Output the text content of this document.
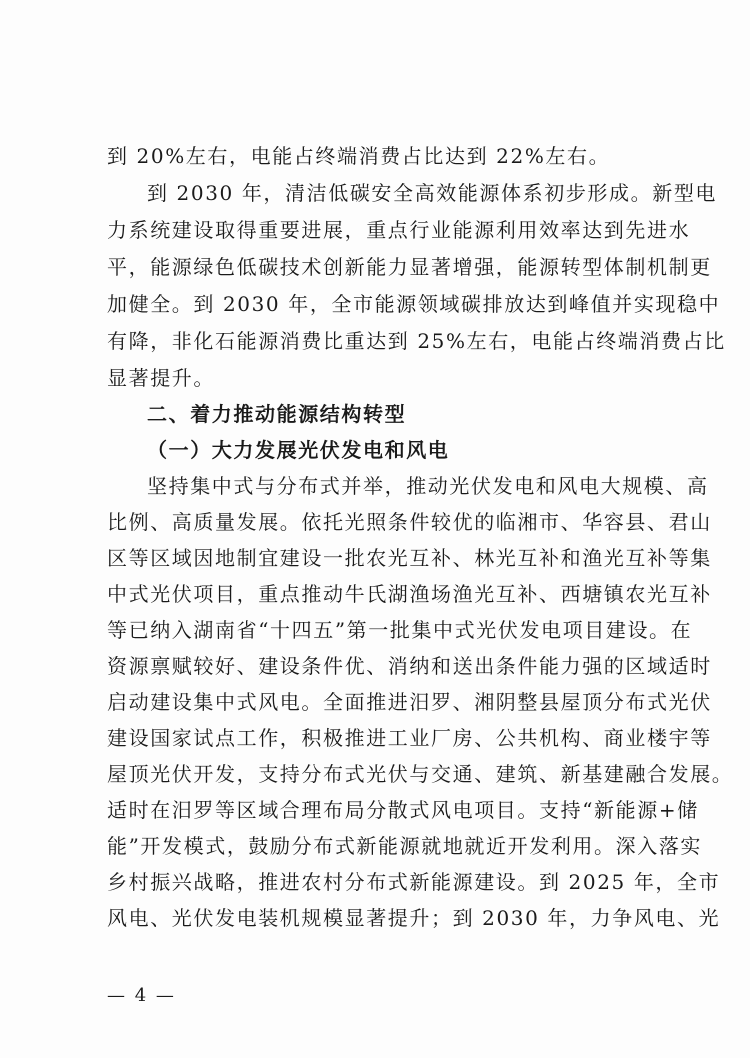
到 20%左右，电能占终端消费占比达到 22%左右。
到 2030 年，清洁低碳安全高效能源体系初步形成。新型电
力系统建设取得重要进展，重点行业能源利用效率达到先进水
平，能源绿色低碳技术创新能力显著增强，能源转型体制机制更
加健全。到 2030 年，全市能源领域碳排放达到峰值并实现稳中
有降，非化石能源消费比重达到 25%左右，电能占终端消费占比
显著提升。
二、着力推动能源结构转型
（一）大力发展光伏发电和风电
坚持集中式与分布式并举，推动光伏发电和风电大规模、高
比例、高质量发展。依托光照条件较优的临湘市、华容县、君山
区等区域因地制宜建设一批农光互补、林光互补和渔光互补等集
中式光伏项目，重点推动牛氏湖渔场渔光互补、西塘镇农光互补
等已纳入湖南省“十四五”第一批集中式光伏发电项目建设。在
资源禀赋较好、建设条件优、消纳和送出条件能力强的区域适时
启动建设集中式风电。全面推进汨罗、湘阴整县屋顶分布式光伏
建设国家试点工作，积极推进工业厂房、公共机构、商业楼宇等
屋顶光伏开发，支持分布式光伏与交通、建筑、新基建融合发展。
适时在汨罗等区域合理布局分散式风电项目。支持“新能源+储
能”开发模式，鼓励分布式新能源就地就近开发利用。深入落实
乡村振兴战略，推进农村分布式新能源建设。到 2025 年，全市
风电、光伏发电装机规模显著提升；到 2030 年，力争风电、光
— 4 —
